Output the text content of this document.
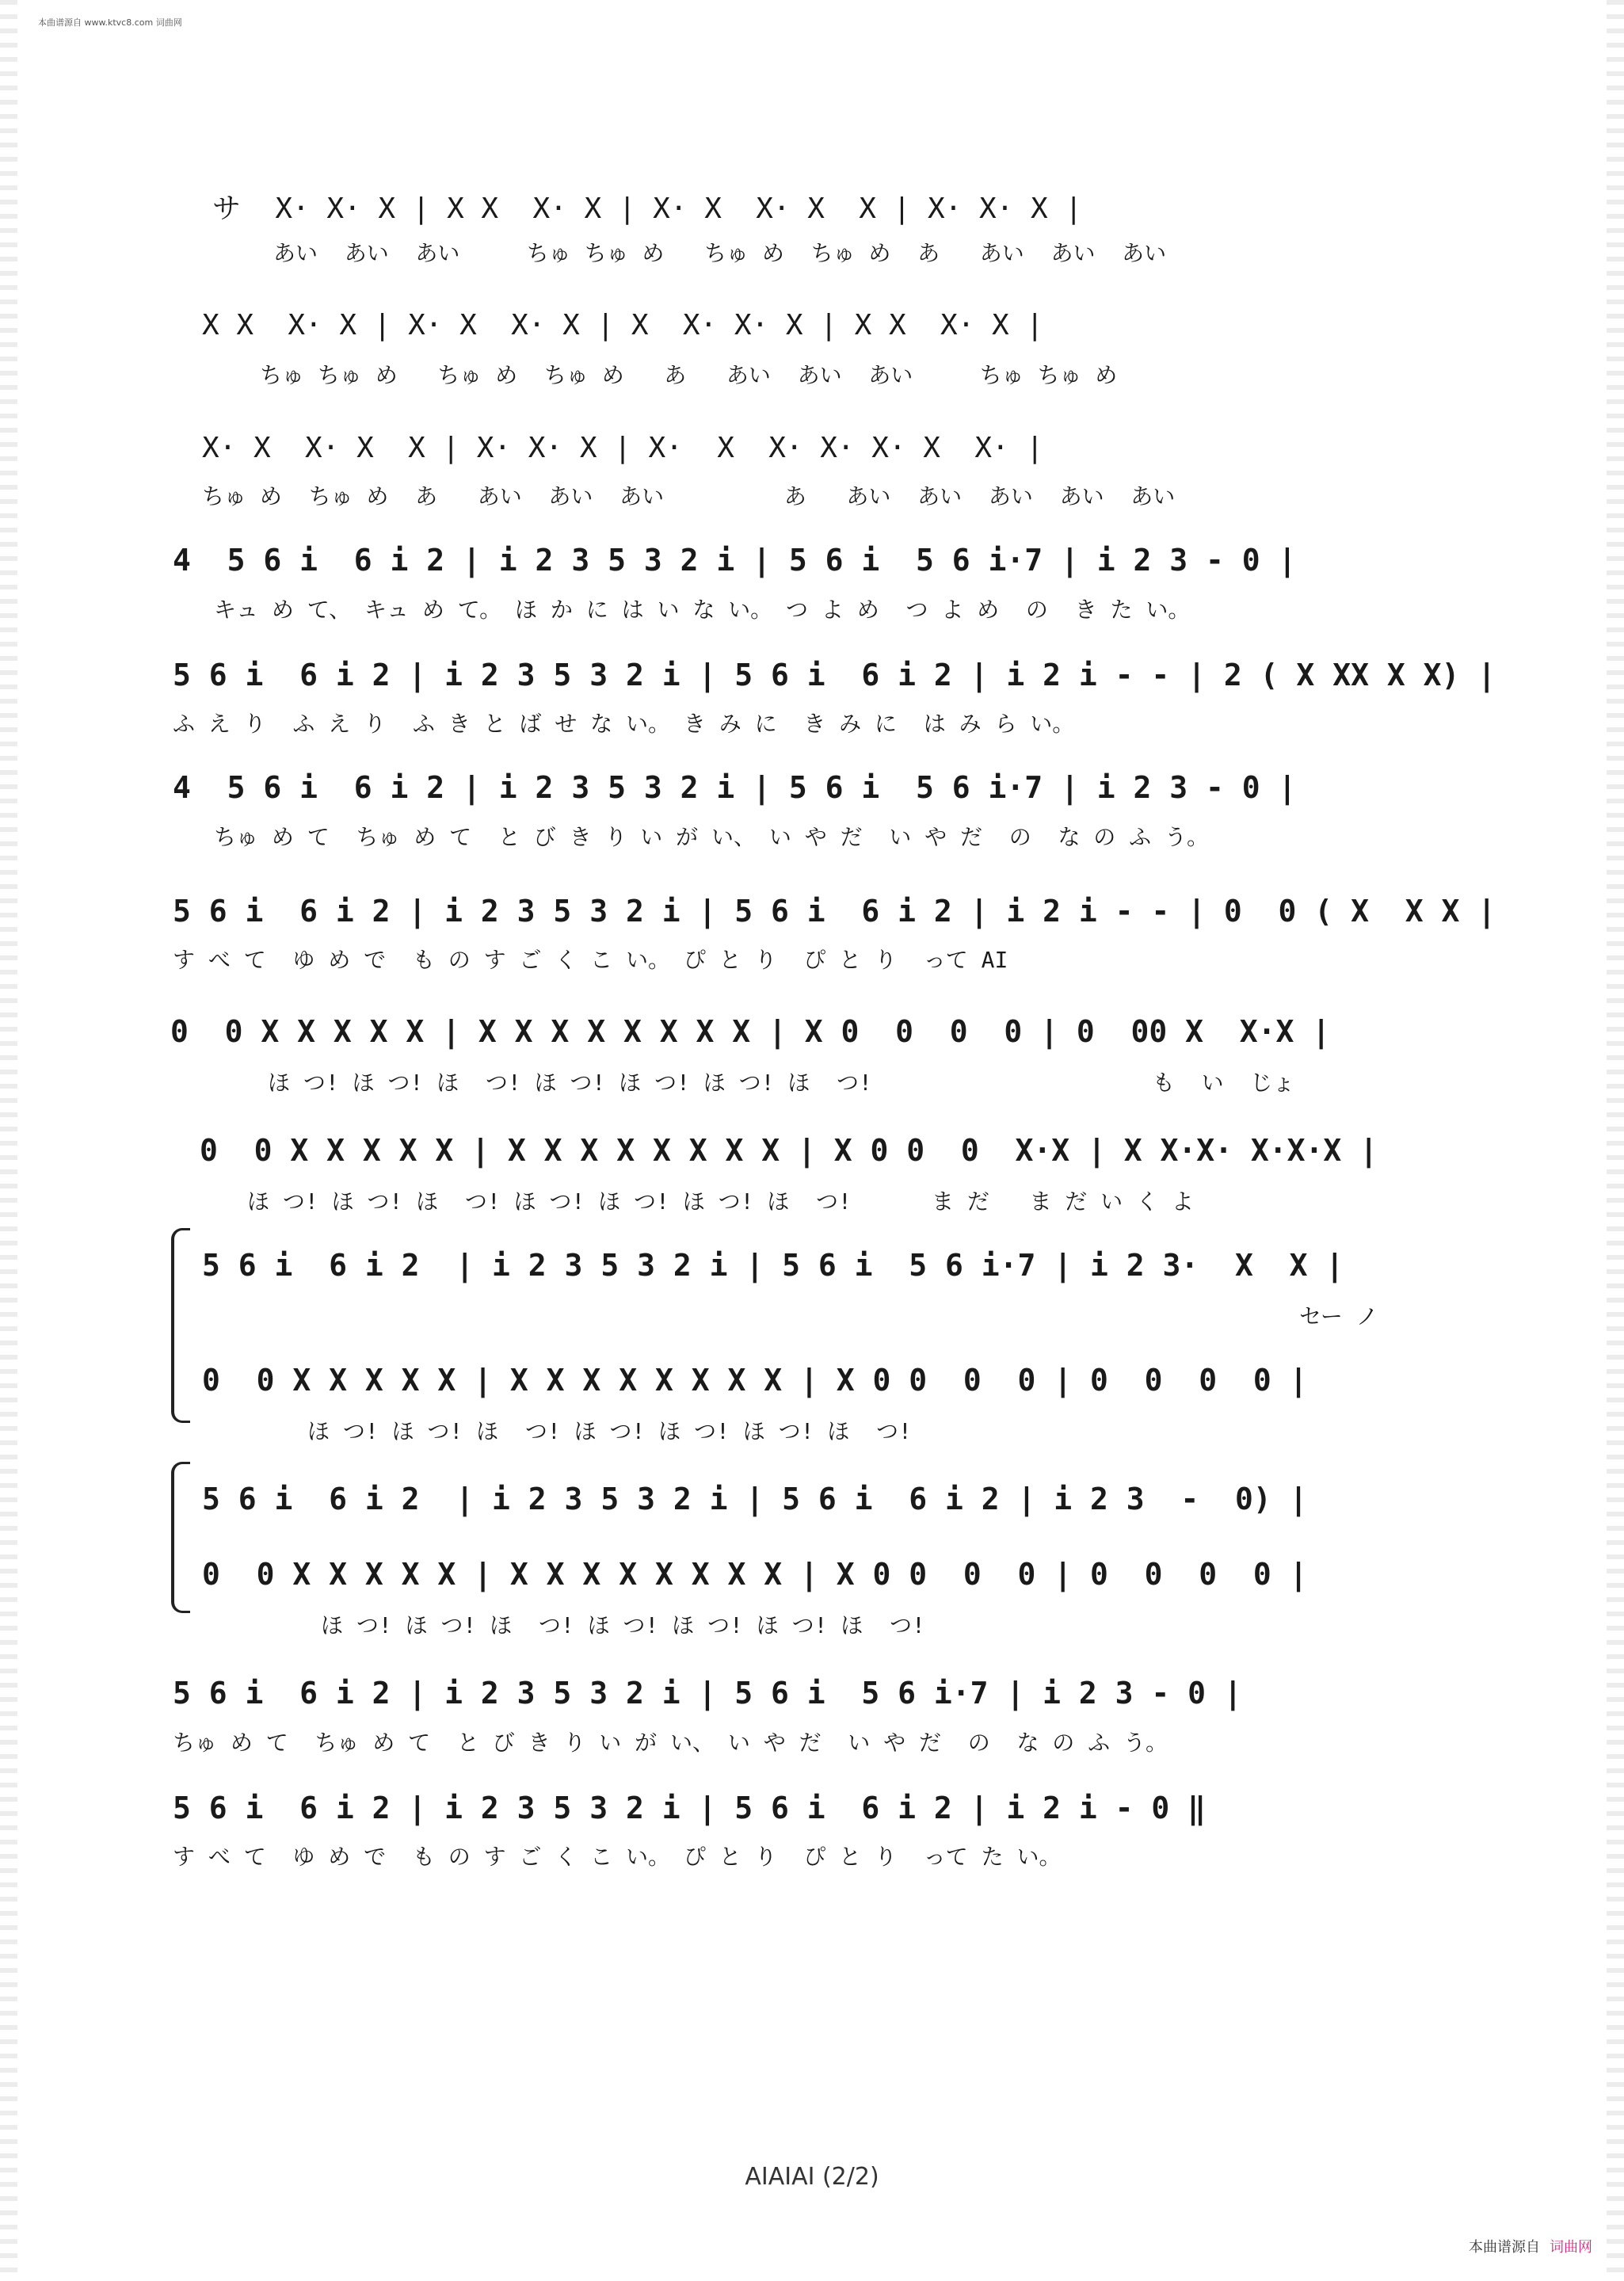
本曲谱源自 www.ktvc8.com 词曲网
サ  X· X· X | X X  X· X | X· X  X· X  X | X· X· X |
あい  あい  あい     ちゅ ちゅ め   ちゅ め  ちゅ め  あ   あい  あい  あい
X X  X· X | X· X  X· X | X  X· X· X | X X  X· X |
ちゅ ちゅ め   ちゅ め  ちゅ め   あ   あい  あい  あい     ちゅ ちゅ め
X· X  X· X  X | X· X· X | X·  X  X· X· X· X  X· |
ちゅ め  ちゅ め  あ   あい  あい  あい         あ   あい  あい  あい  あい  あい
4  5 6 i  6 i 2 | i 2 3 5 3 2 i | 5 6 i  5 6 i·7 | i 2 3 - 0 |
キュ め て、 キュ め て。 ほ か に は い な い。 つ よ め  つ よ め  の  き た い。
5 6 i  6 i 2 | i 2 3 5 3 2 i | 5 6 i  6 i 2 | i 2 i - - | 2 ( X XX X X) |
ふ え り  ふ え り  ふ き と ば せ な い。 き み に  き み に  は み ら い。
4  5 6 i  6 i 2 | i 2 3 5 3 2 i | 5 6 i  5 6 i·7 | i 2 3 - 0 |
ちゅ め て  ちゅ め て  と び き り い が い、 い や だ  い や だ  の  な の ふ う。
5 6 i  6 i 2 | i 2 3 5 3 2 i | 5 6 i  6 i 2 | i 2 i - - | 0  0 ( X  X X |
す べ て  ゆ め で  も の す ご く こ い。 ぴ と り  ぴ と り  って AI
0  0 X X X X X | X X X X X X X X | X 0  0  0  0 | 0  00 X  X·X |
ほ つ! ほ つ! ほ  つ! ほ つ! ほ つ! ほ つ! ほ  つ!                     も  い  じょ
0  0 X X X X X | X X X X X X X X | X 0 0  0  X·X | X X·X· X·X·X |
ほ つ! ほ つ! ほ  つ! ほ つ! ほ つ! ほ つ! ほ  つ!      ま だ   ま だ い く よ
5 6 i  6 i 2  | i 2 3 5 3 2 i | 5 6 i  5 6 i·7 | i 2 3·  X  X |
セー ノ
0  0 X X X X X | X X X X X X X X | X 0 0  0  0 | 0  0  0  0 |
ほ つ! ほ つ! ほ  つ! ほ つ! ほ つ! ほ つ! ほ  つ!
5 6 i  6 i 2  | i 2 3 5 3 2 i | 5 6 i  6 i 2 | i 2 3  -  0) |
0  0 X X X X X | X X X X X X X X | X 0 0  0  0 | 0  0  0  0 |
ほ つ! ほ つ! ほ  つ! ほ つ! ほ つ! ほ つ! ほ  つ!
5 6 i  6 i 2 | i 2 3 5 3 2 i | 5 6 i  5 6 i·7 | i 2 3 - 0 |
ちゅ め て  ちゅ め て  と び き り い が い、 い や だ  い や だ  の  な の ふ う。
5 6 i  6 i 2 | i 2 3 5 3 2 i | 5 6 i  6 i 2 | i 2 i - 0 ‖
す べ て  ゆ め で  も の す ご く こ い。 ぴ と り  ぴ と り  って た い。
AIAIAI (2/2)
本曲谱源自 词曲网
